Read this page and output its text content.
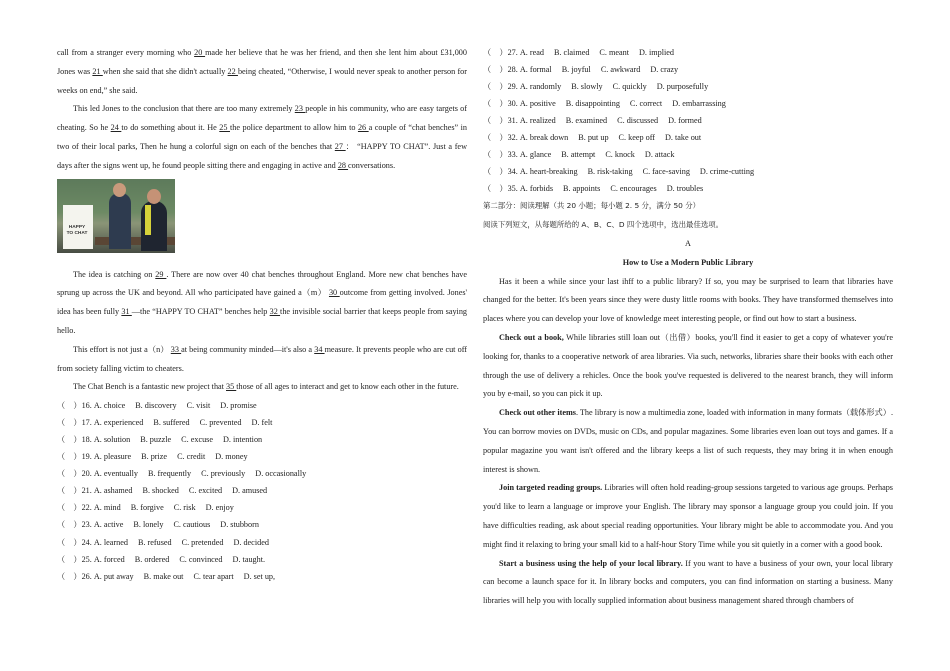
call from a stranger every morning who 20 made her believe that he was her friend, and then she lent him about £31,000 Jones was 21 when she said that she didn't actually 22 being cheated, “Otherwise, I would never speak to another person for weeks on end,” she said.

This led Jones to the conclusion that there are too many extremely 23 people in his community, who are easy targets of cheating. So he 24 to do something about it. He 25 the police department to allow him to 26 a couple of “chat benches” in two of their local parks, Then he hung a colorful sign on each of the benches that 27 ： “HAPPY TO CHAT”. Just a few days after the signs went up, he found people sitting there and engaging in active and 28 conversations.

HAPPY TO CHAT

The idea is catching on 29 . There are now over 40 chat benches throughout England. More new chat benches have sprung up across the UK and beyond. All who participated have gained a（m） 30 outcome from getting involved. Jones' idea has been fully 31 —the “HAPPY TO CHAT” benches help 32 the invisible social barrier that keeps people from saying hello.

This effort is not just a（n） 33 at being community minded—it's also a 34 measure. It prevents people who are cut off from society falling victim to cheaters.

The Chat Bench is a fantastic new project that 35 those of all ages to interact and get to know each other in the future.

（　）16. A. choice B. discovery C. visit D. promise
（　）17. A. experienced B. suffered C. prevented D. felt
（　）18. A. solution B. puzzle C. excuse D. intention
（　）19. A. pleasure B. prize C. credit D. money
（　）20. A. eventually B. frequently C. previously D. occasionally
（　）21. A. ashamed B. shocked C. excited D. amused
（　）22. A. mind B. forgive C. risk D. enjoy
（　）23. A. active B. lonely C. cautious D. stubborn
（　）24. A. learned B. refused C. pretended D. decided
（　）25. A. forced B. ordered C. convinced D. taught.
（　）26. A. put away B. make out C. tear apart D. set up,
（　）27. A. read B. claimed C. meant D. implied
（　）28. A. formal B. joyful C. awkward D. crazy
（　）29. A. randomly B. slowly C. quickly D. purposefully
（　）30. A. positive B. disappointing C. correct D. embarrassing
（　）31. A. realized B. examined C. discussed D. formed
（　）32. A. break down B. put up C. keep off D. take out
（　）33. A. glance B. attempt C. knock D. attack
（　）34. A. heart-breaking B. risk-taking C. face-saving D. crime-cutting
（　）35. A. forbids B. appoints C. encourages D. troubles

第二部分：阅读理解（共 20 小题；每小题 2. 5 分，满分 50 分）

阅读下列短文，从每题所给的 A、B、C、D 四个选项中，选出最佳选项。

A

How to Use a Modern Public Library

Has it been a while since your last ihff to a public library? If so, you may be surprised to learn that libraries have changed for the better. It's been years since they were dusty little rooms with books. They have transformed themselves into places where you can develop your love of knowledge meet interesting people, or find out how to start a business.

Check out a book, While libraries still loan out（出借）books, you'll find it easier to get a copy of whatever you're looking for, thanks to a cooperative network of area libraries. Via such, networks, libraries share their books with each other through the use of delivery a rehicles. Once the book you've requested is delivered to the nearest branch, they will inform you by e-mail, so you can pick it up.

Check out other items. The library is now a multimedia zone, loaded with information in many formats（载体形式）. You can borrow movies on DVDs, music on CDs, and popular magazines. Some libraries even loan out toys and games. If a popular magazine you want isn't offered and the library keeps a list of such requests, they may bring it in when enough interest is shown.

Join targeted reading groups. Libraries will often hold reading-group sessions targeted to various age groups. Perhaps you'd like to learn a language or improve your English. The library may sponsor a language group you could join. If you have difficulties reading, ask about special reading opportunities. Your library might be able to accommodate you. And you might find it relaxing to bring your small kid to a half-hour Story Time while you sit quietly in a corner with a good book.

Start a business using the help of your local library. If you want to have a business of your own, your local library can become a launch space for it. In library bocks and computers, you can find information on starting a business. Many libraries will help you with locally supplied information about business management shared through chambers of
